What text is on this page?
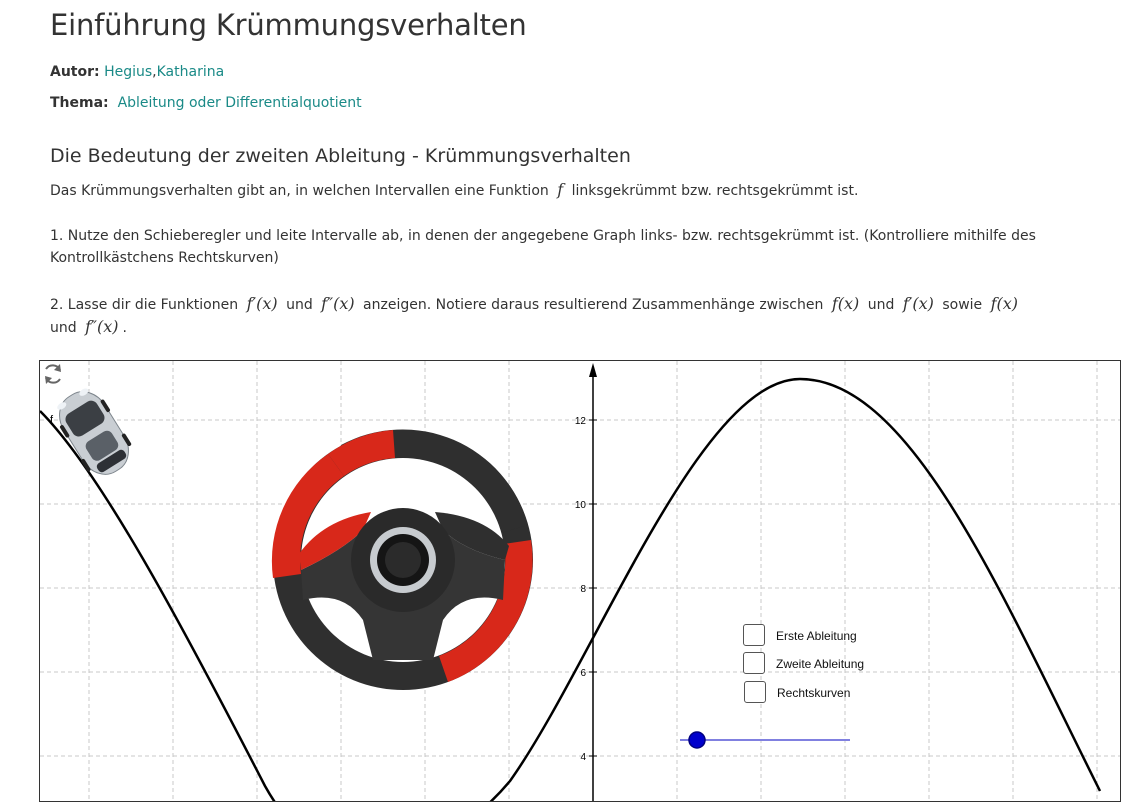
Einführung Krümmungsverhalten
Autor: Hegius,Katharina
Thema: Ableitung oder Differentialquotient
Die Bedeutung der zweiten Ableitung - Krümmungsverhalten

Das Krümmungsverhalten gibt an, in welchen Intervallen eine Funktion f linksgekrümmt bzw. rechtsgekrümmt ist.

1. Nutze den Schieberegler und leite Intervalle ab, in denen der angegebene Graph links- bzw. rechtsgekrümmt ist. (Kontrolliere mithilfe des Kontrollkästchens Rechtskurven)

2. Lasse dir die Funktionen f′(x) und f″(x) anzeigen. Notiere daraus resultierend Zusammenhänge zwischen f(x) und f′(x) sowie f(x) und f″(x) .

12
10
8
6
4
f
Erste Ableitung
Zweite Ableitung
Rechtskurven
